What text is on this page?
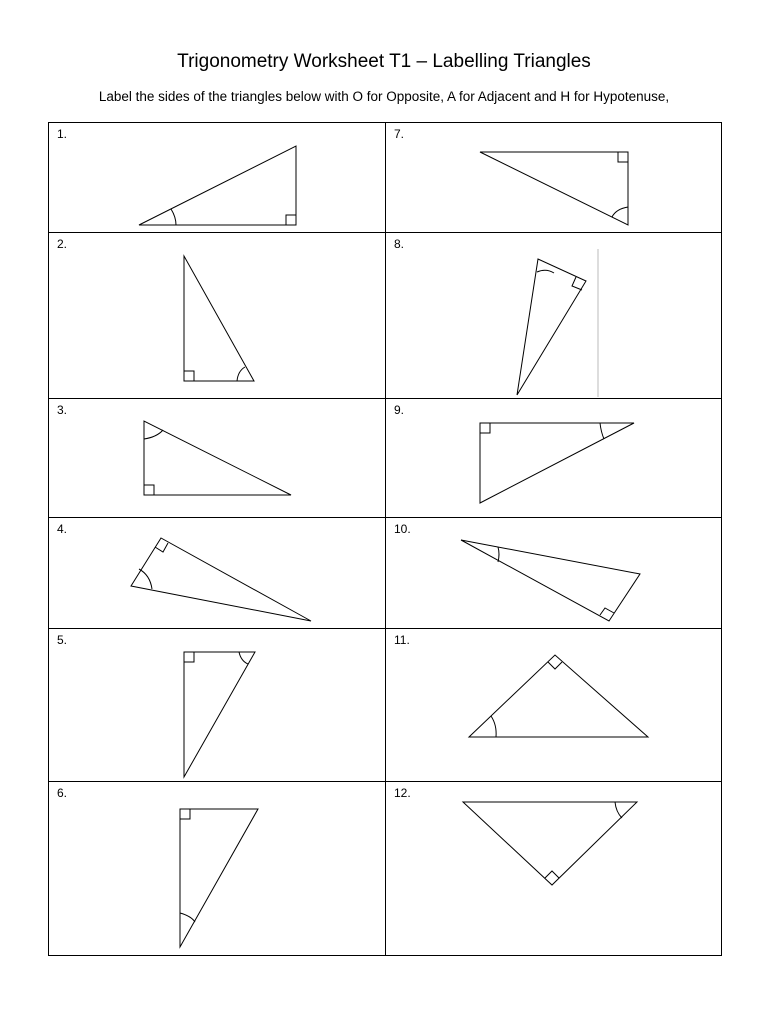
Trigonometry Worksheet T1 – Labelling Triangles
Label the sides of the triangles below with O for Opposite, A for Adjacent and H for Hypotenuse,
1.	7.
2.	8.
3.	9.
4.	10.
5.	11.
6.	12.
